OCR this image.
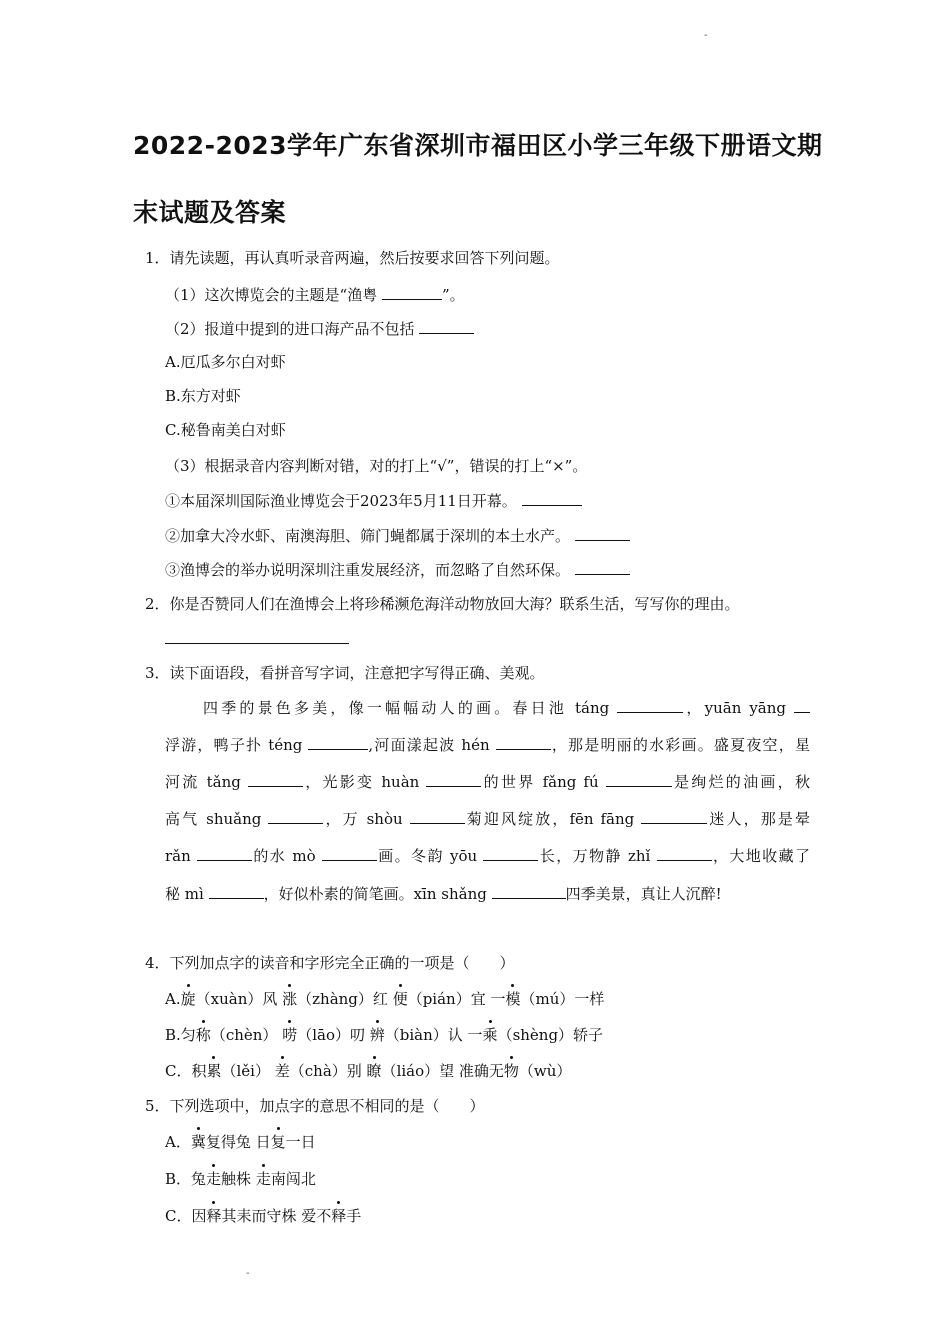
-
2022-2023学年广东省深圳市福田区小学三年级下册语文期
末试题及答案
1．请先读题，再认真听录音两遍，然后按要求回答下列问题。
（1）这次博览会的主题是“渔粤	”。
（2）报道中提到的进口海产品不包括
A.厄瓜多尔白对虾
B.东方对虾
C.秘鲁南美白对虾
（3）根据录音内容判断对错，对的打上“√”，错误的打上“×”。
①本届深圳国际渔业博览会于2023年5月11日开幕。
②加拿大冷水虾、南澳海胆、筛门蝇都属于深圳的本土水产。
③渔博会的举办说明深圳注重发展经济，而忽略了自然环保。
2．你是否赞同人们在渔博会上将珍稀濒危海洋动物放回大海？联系生活，写写你的理由。
3．读下面语段，看拼音写字词，注意把字写得正确、美观。
四季的景色多美，像一幅幅动人的画。春日池 táng	，yuān yāng
浮游，鸭子扑 téng	,河面漾起波 hén	，那是明丽的水彩画。盛夏夜空，星
河流 tǎng	，光影变 huàn	的世界 fǎng fú	是绚烂的油画，秋
高气 shuǎng	，万 shòu	菊迎风绽放，fēn fāng	迷人，那是晕
rǎn	的水 mò	画。冬韵 yōu	长，万物静 zhǐ	，大地收藏了
秘 mì	，好似朴素的简笔画。xīn shǎng	四季美景，真让人沉醉!
4．下列加点字的读音和字形完全正确的一项是（　　）
A.旋（xuàn）风 涨（zhàng）红 便（pián）宜 一模（mú）一样
B.匀称（chèn） 唠（lāo）叨 辨（biàn）认 一乘（shèng）轿子
C．积累（lěi） 差（chà）别 瞭（liáo）望 准确无物（wù）
5．下列选项中，加点字的意思不相同的是（　　）
A．冀复得兔 日复一日
B．兔走触株 走南闯北
C．因释其耒而守株 爱不释手
-
